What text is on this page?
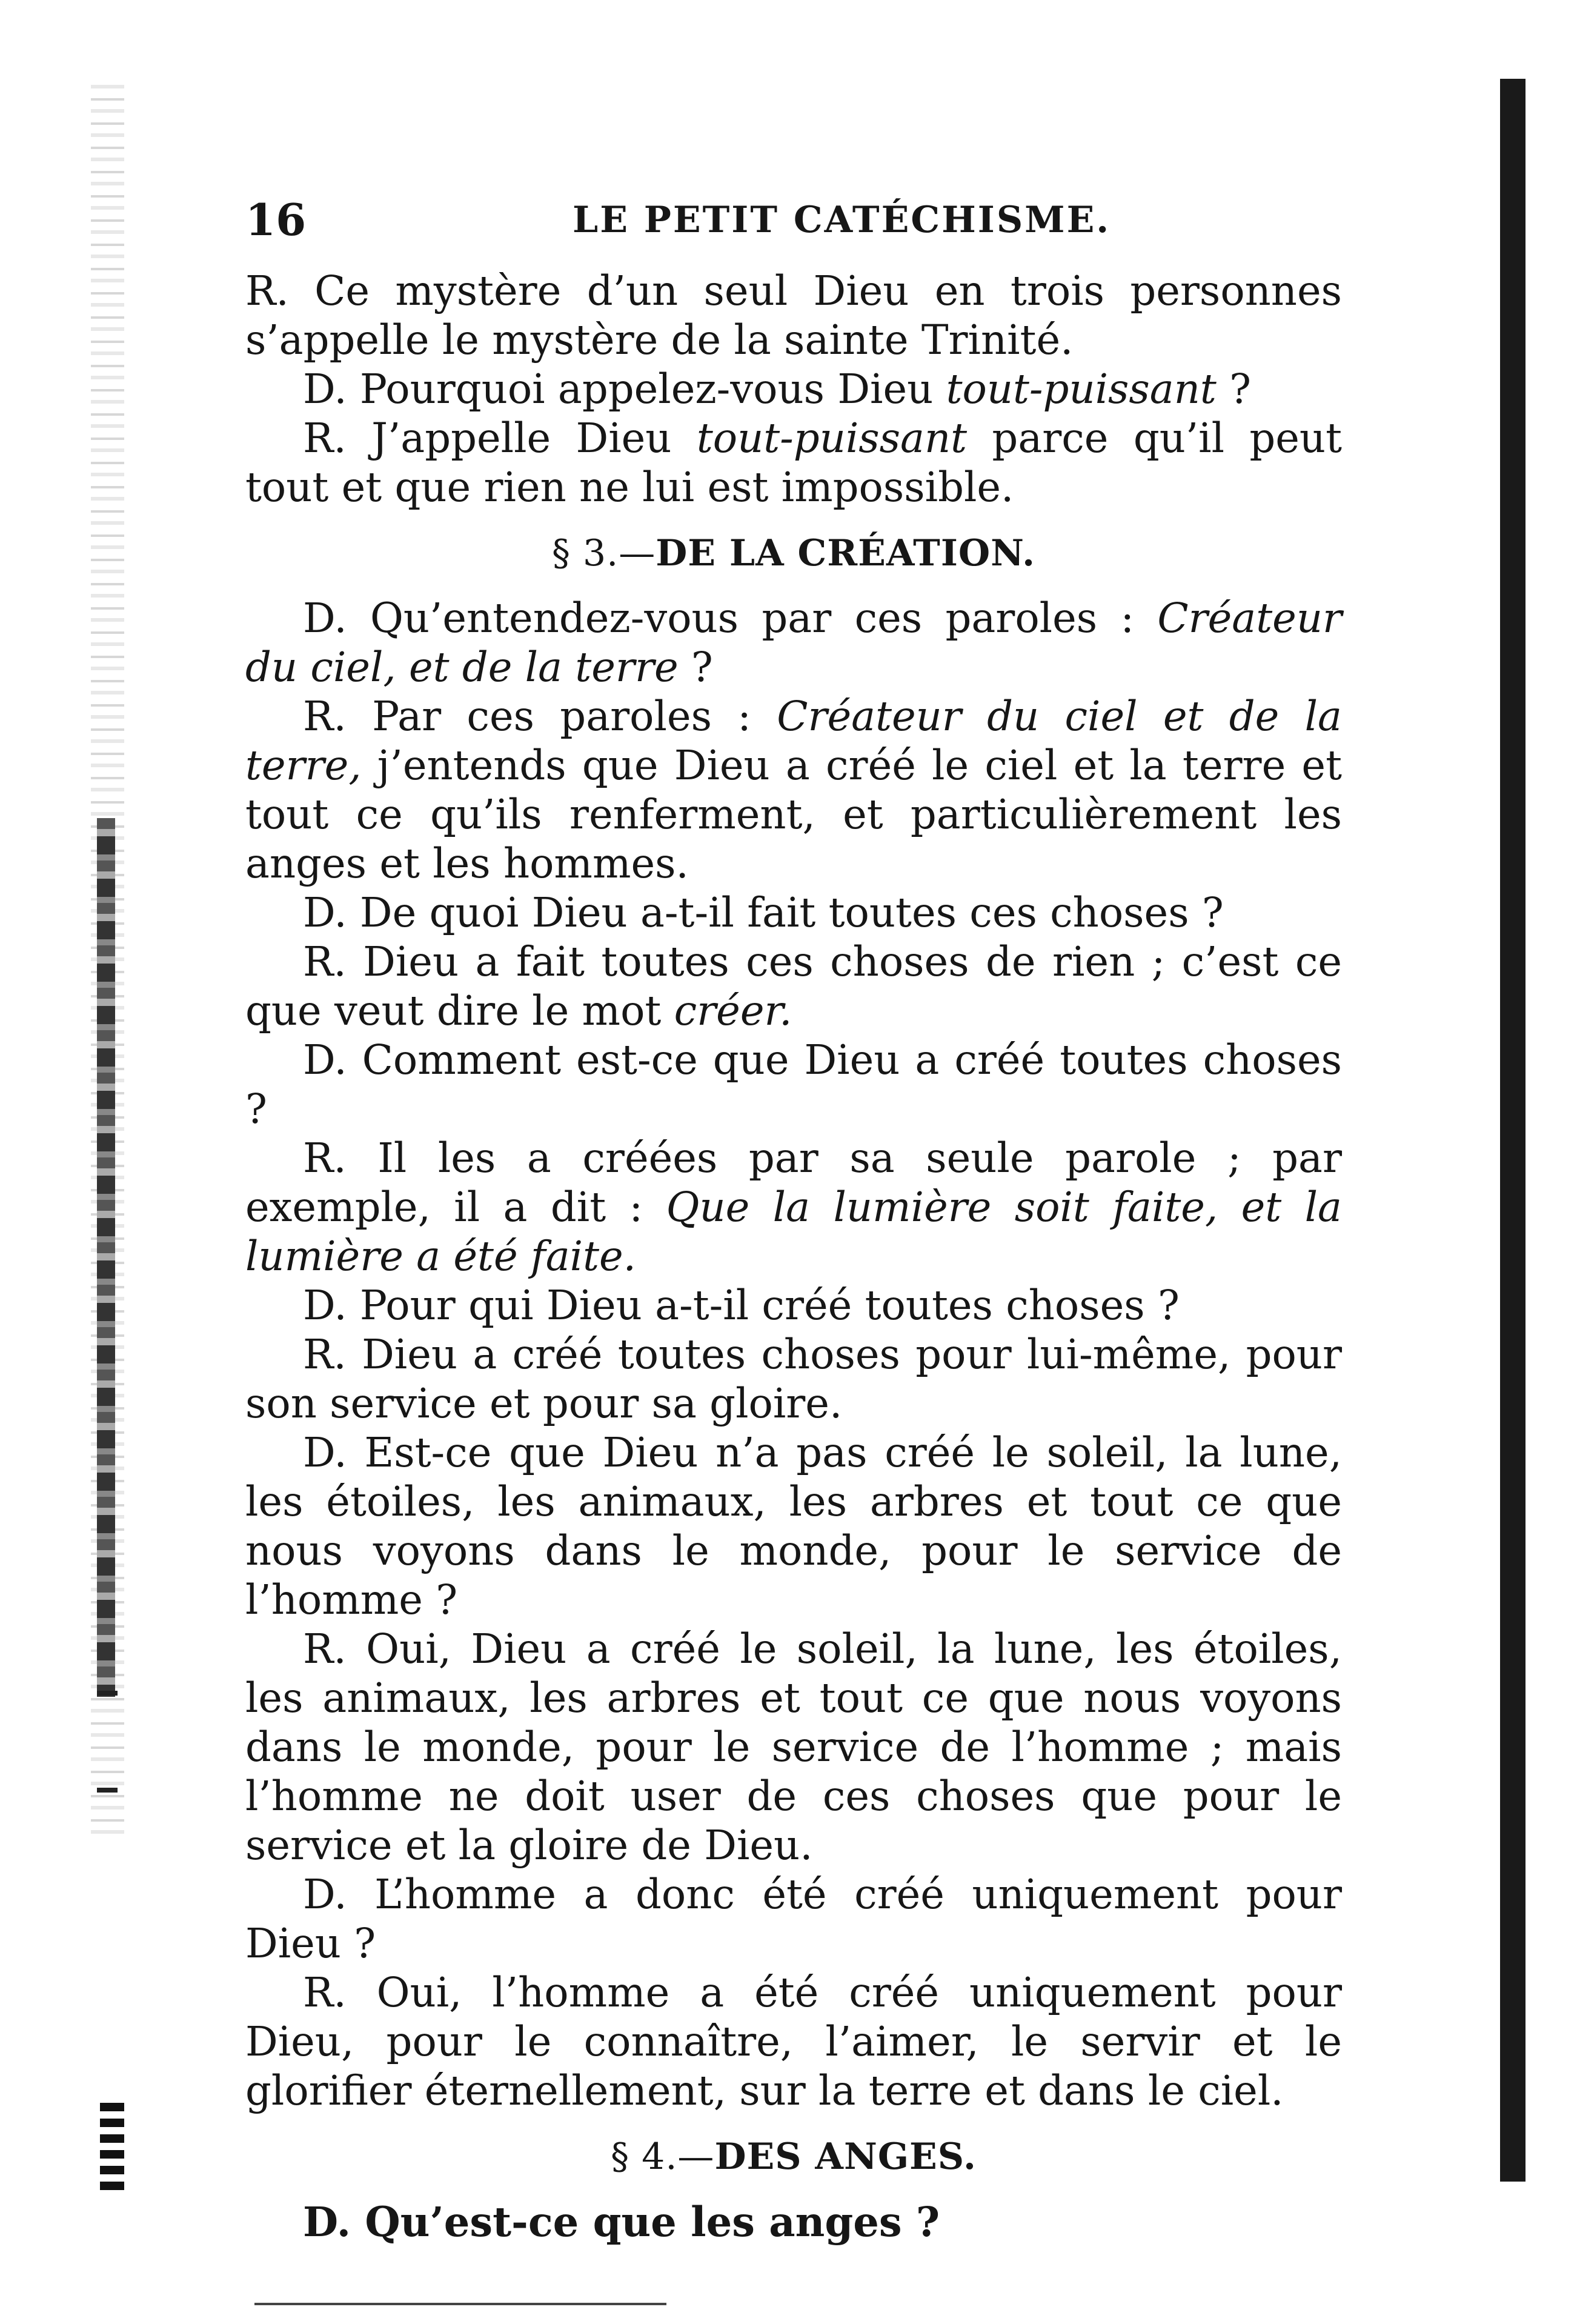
16	LE PETIT CATÉCHISME.

R. Ce mystère d’un seul Dieu en trois personnes s’appelle le mystère de la sainte Trinité.

D. Pourquoi appelez-vous Dieu tout-puissant ?

R. J’appelle Dieu tout-puissant parce qu’il peut tout et que rien ne lui est impossible.

§ 3.—DE LA CRÉATION.

D. Qu’entendez-vous par ces paroles : Créateur du ciel, et de la terre ?

R. Par ces paroles : Créateur du ciel et de la terre, j’entends que Dieu a créé le ciel et la terre et tout ce qu’ils renferment, et particulièrement les anges et les hommes.

D. De quoi Dieu a-t-il fait toutes ces choses ?

R. Dieu a fait toutes ces choses de rien ; c’est ce que veut dire le mot créer.

D. Comment est-ce que Dieu a créé toutes choses ?

R. Il les a créées par sa seule parole ; par exemple, il a dit : Que la lumière soit faite, et la lumière a été faite.

D. Pour qui Dieu a-t-il créé toutes choses ?

R. Dieu a créé toutes choses pour lui-même, pour son service et pour sa gloire.

D. Est-ce que Dieu n’a pas créé le soleil, la lune, les étoiles, les animaux, les arbres et tout ce que nous voyons dans le monde, pour le service de l’homme ?

R. Oui, Dieu a créé le soleil, la lune, les étoiles, les animaux, les arbres et tout ce que nous voyons dans le monde, pour le service de l’homme ; mais l’homme ne doit user de ces choses que pour le service et la gloire de Dieu.

D. L’homme a donc été créé uniquement pour Dieu ?

R. Oui, l’homme a été créé uniquement pour Dieu, pour le connaître, l’aimer, le servir et le glorifier éternellement, sur la terre et dans le ciel.

§ 4.—DES ANGES.

D. Qu’est-ce que les anges ?
